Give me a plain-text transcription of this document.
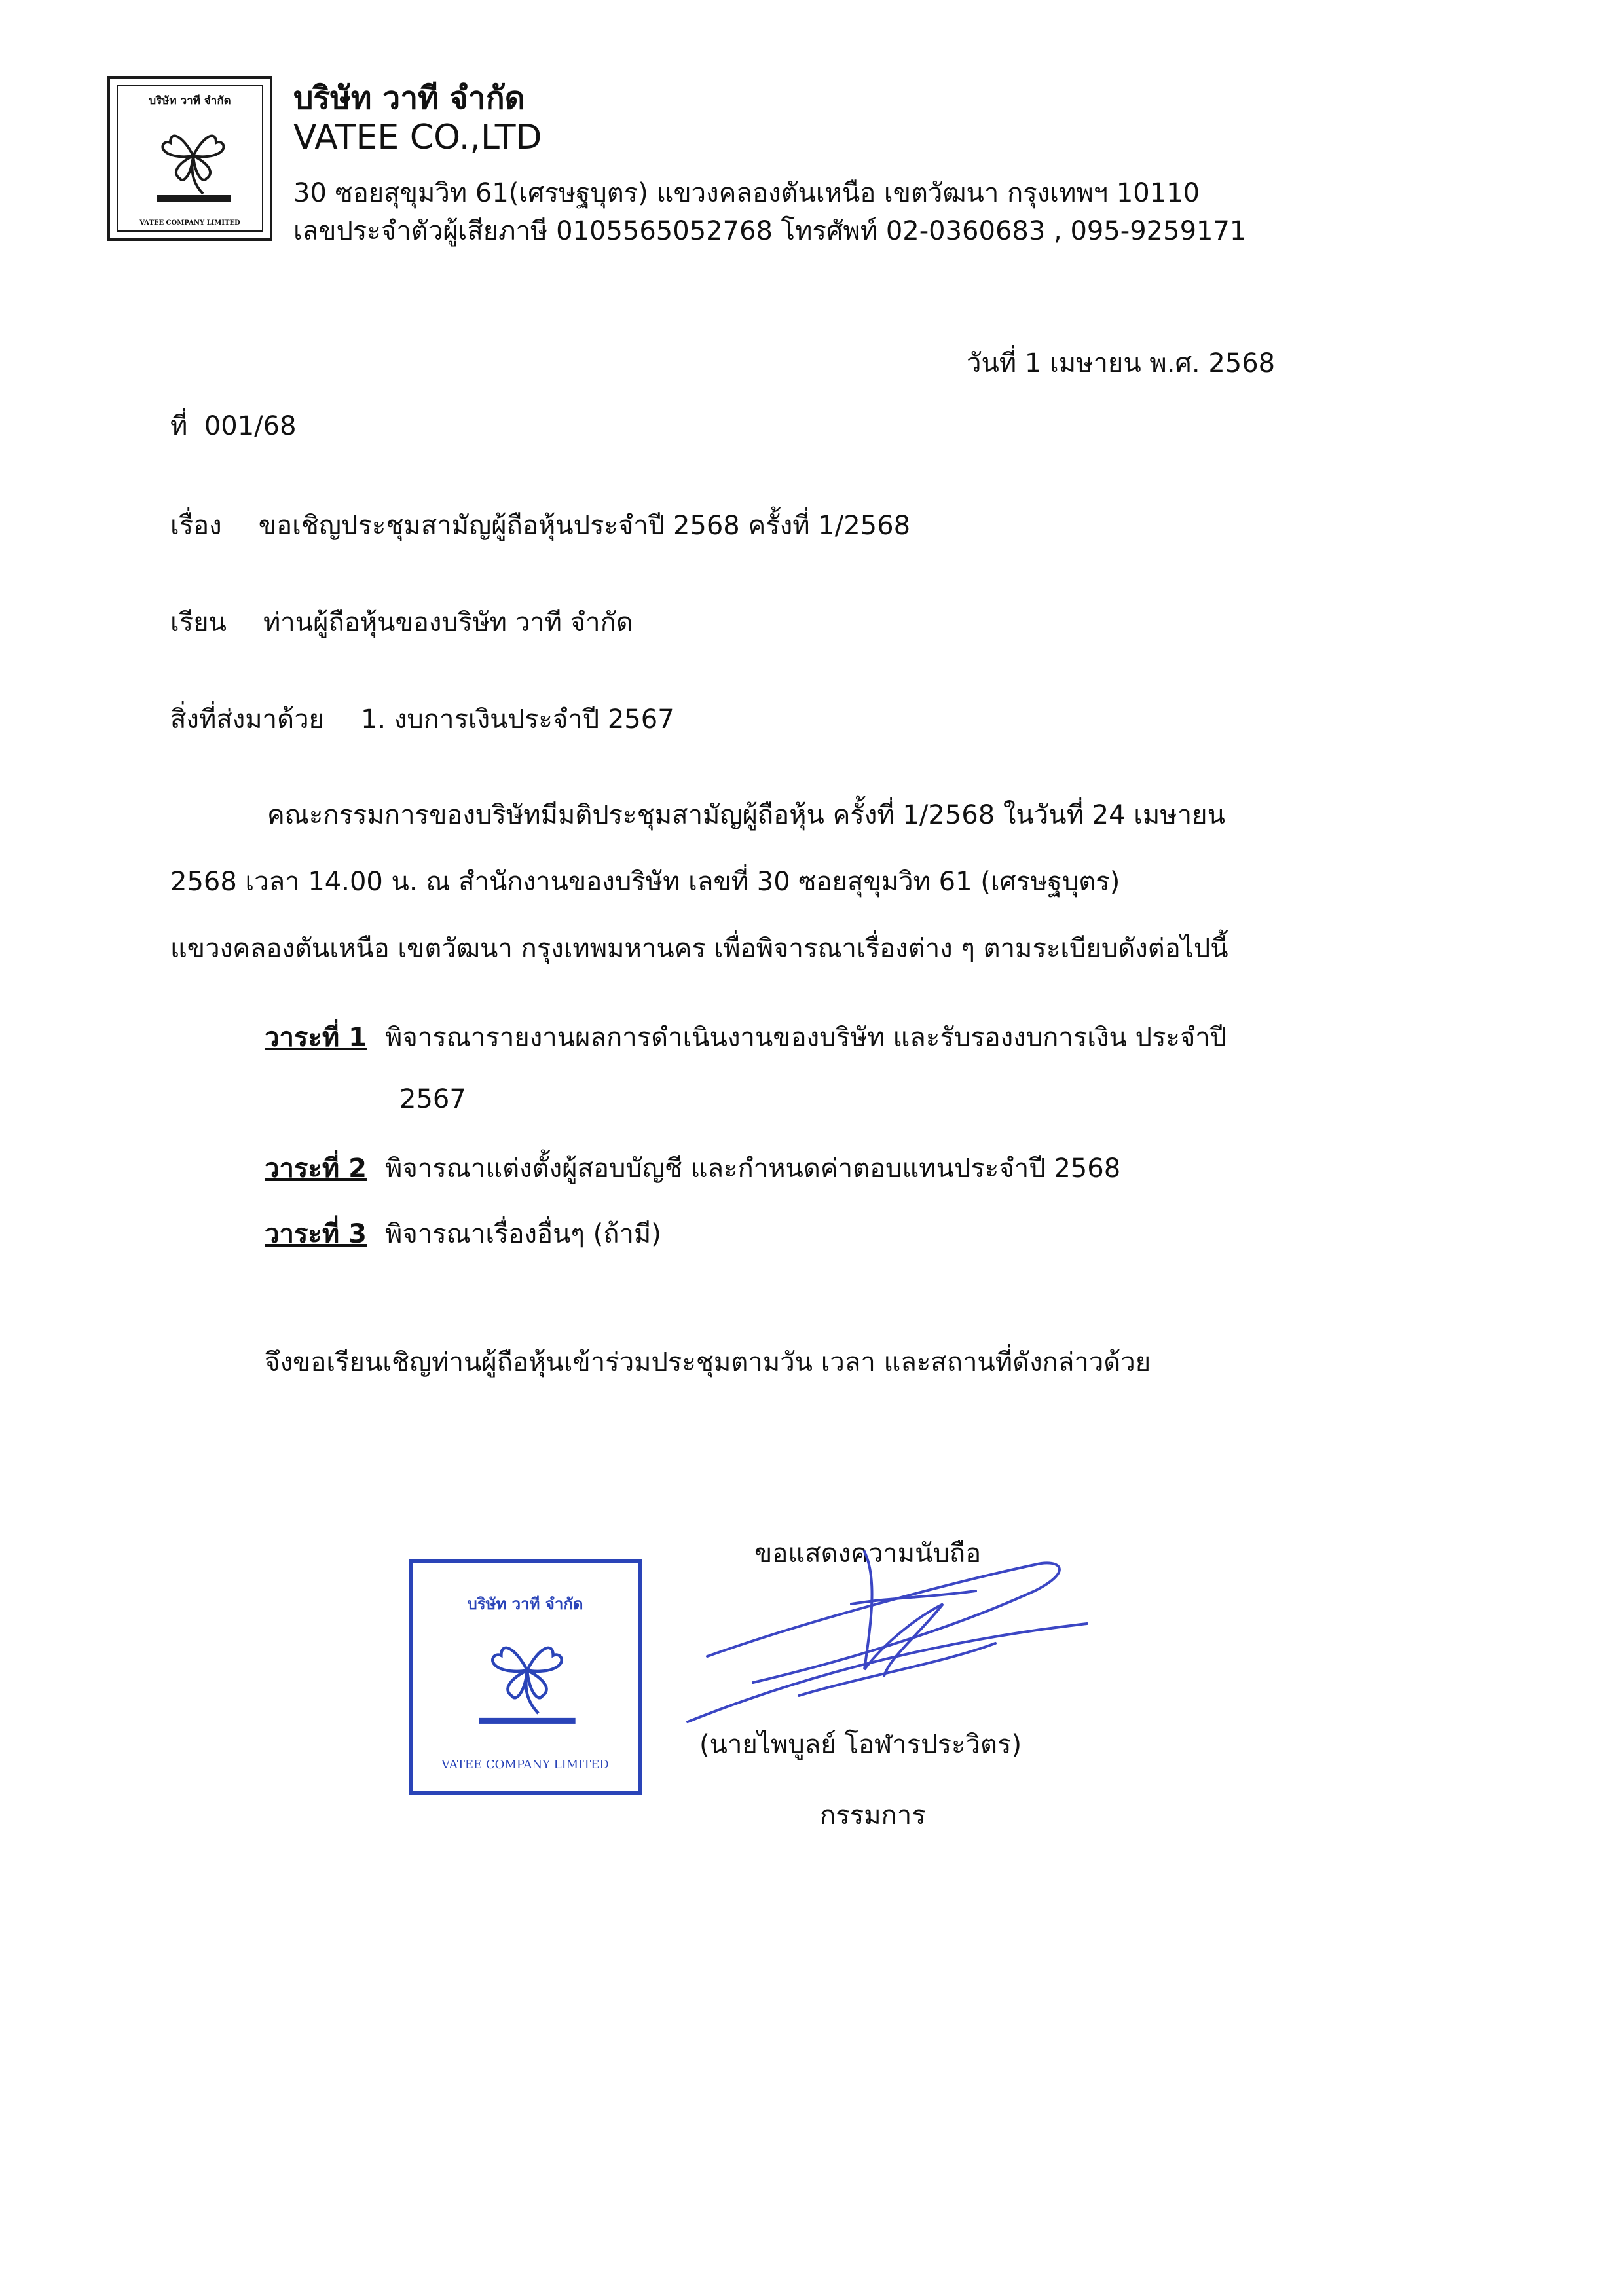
บริษัท วาที จำกัด
VATEE COMPANY LIMITED
บริษัท วาที จำกัด
VATEE CO.,LTD
30 ซอยสุขุมวิท 61(เศรษฐบุตร) แขวงคลองตันเหนือ เขตวัฒนา กรุงเทพฯ 10110
เลขประจำตัวผู้เสียภาษี 0105565052768 โทรศัพท์ 02-0360683 , 095-9259171
วันที่ 1 เมษายน พ.ศ. 2568
ที่ 001/68
เรื่อง ขอเชิญประชุมสามัญผู้ถือหุ้นประจำปี 2568 ครั้งที่ 1/2568
เรียน ท่านผู้ถือหุ้นของบริษัท วาที จำกัด
สิ่งที่ส่งมาด้วย 1. งบการเงินประจำปี 2567
คณะกรรมการของบริษัทมีมติประชุมสามัญผู้ถือหุ้น ครั้งที่ 1/2568 ในวันที่ 24 เมษายน
2568 เวลา 14.00 น. ณ สำนักงานของบริษัท เลขที่ 30 ซอยสุขุมวิท 61 (เศรษฐบุตร)
แขวงคลองตันเหนือ เขตวัฒนา กรุงเทพมหานคร เพื่อพิจารณาเรื่องต่าง ๆ ตามระเบียบดังต่อไปนี้
วาระที่ 1 พิจารณารายงานผลการดำเนินงานของบริษัท และรับรองงบการเงิน ประจำปี
2567
วาระที่ 2 พิจารณาแต่งตั้งผู้สอบบัญชี และกำหนดค่าตอบแทนประจำปี 2568
วาระที่ 3 พิจารณาเรื่องอื่นๆ (ถ้ามี)
จึงขอเรียนเชิญท่านผู้ถือหุ้นเข้าร่วมประชุมตามวัน เวลา และสถานที่ดังกล่าวด้วย
บริษัท วาที จำกัด
VATEE COMPANY LIMITED
ขอแสดงความนับถือ
(นายไพบูลย์ โอฬารประวิตร)
กรรมการ
